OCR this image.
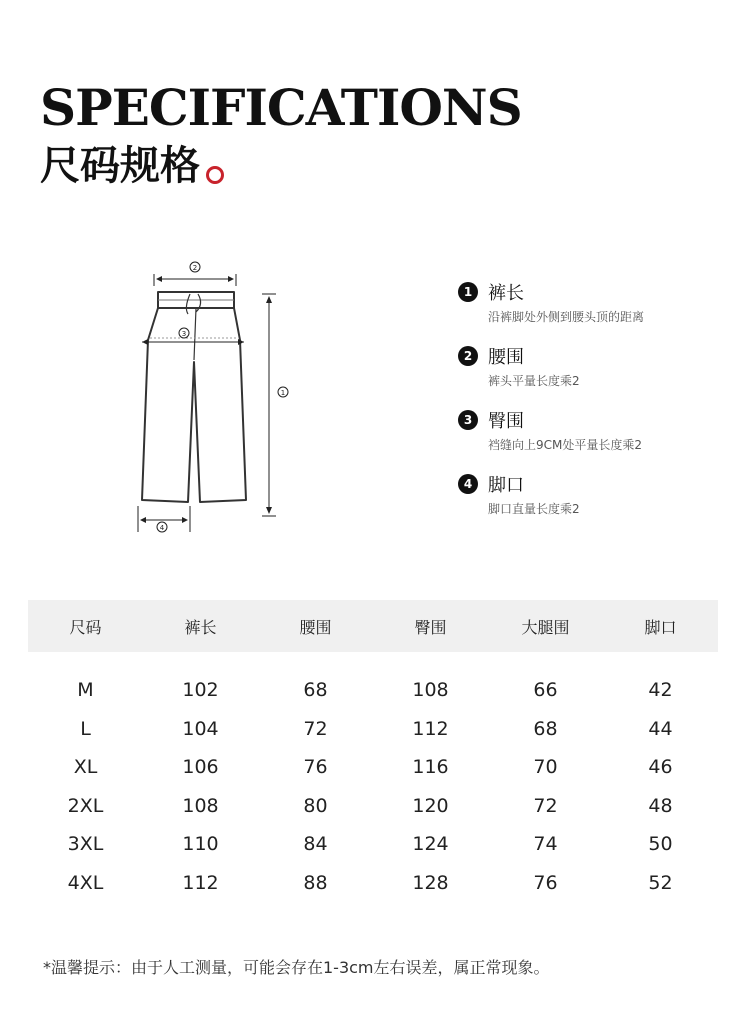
SPECIFICATIONS
尺码规格
2
3
1
4
1 裤长
沿裤脚处外侧到腰头顶的距离
2 腰围
裤头平量长度乘2
3 臀围
裆缝向上9CM处平量长度乘2
4 脚口
脚口直量长度乘2
尺码	裤长	腰围	臀围	大腿围	脚口
M	102	68	108	66	42
L	104	72	112	68	44
XL	106	76	116	70	46
2XL	108	80	120	72	48
3XL	110	84	124	74	50
4XL	112	88	128	76	52
*温馨提示：由于人工测量，可能会存在1-3cm左右误差，属正常现象。
